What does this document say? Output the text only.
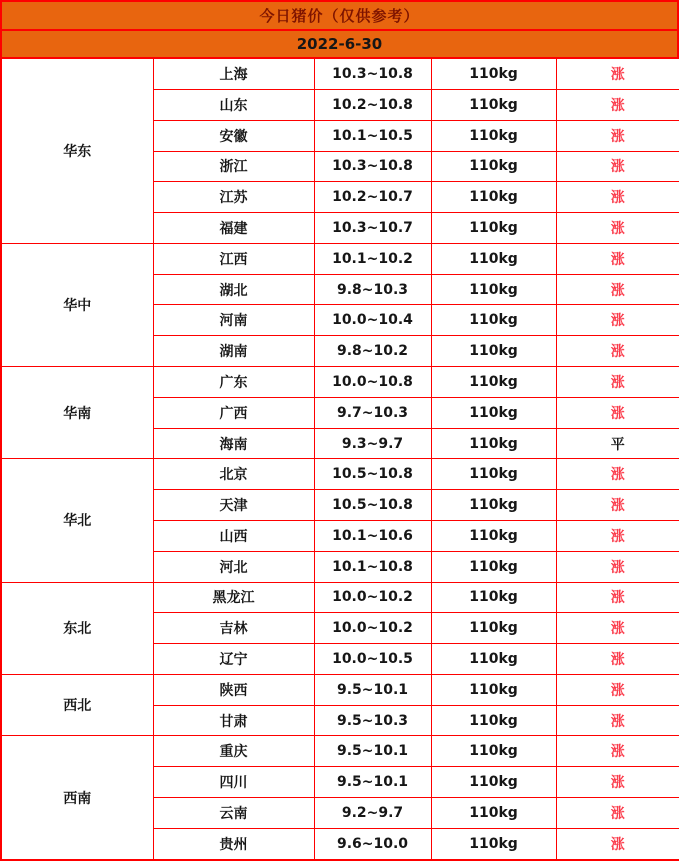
今日猪价（仅供参考）
2022-6-30
华东	上海	10.3~10.8	110kg	涨
	山东	10.2~10.8	110kg	涨
	安徽	10.1~10.5	110kg	涨
	浙江	10.3~10.8	110kg	涨
	江苏	10.2~10.7	110kg	涨
	福建	10.3~10.7	110kg	涨
华中	江西	10.1~10.2	110kg	涨
	湖北	9.8~10.3	110kg	涨
	河南	10.0~10.4	110kg	涨
	湖南	9.8~10.2	110kg	涨
华南	广东	10.0~10.8	110kg	涨
	广西	9.7~10.3	110kg	涨
	海南	9.3~9.7	110kg	平
华北	北京	10.5~10.8	110kg	涨
	天津	10.5~10.8	110kg	涨
	山西	10.1~10.6	110kg	涨
	河北	10.1~10.8	110kg	涨
东北	黑龙江	10.0~10.2	110kg	涨
	吉林	10.0~10.2	110kg	涨
	辽宁	10.0~10.5	110kg	涨
西北	陕西	9.5~10.1	110kg	涨
	甘肃	9.5~10.3	110kg	涨
西南	重庆	9.5~10.1	110kg	涨
	四川	9.5~10.1	110kg	涨
	云南	9.2~9.7	110kg	涨
	贵州	9.6~10.0	110kg	涨
